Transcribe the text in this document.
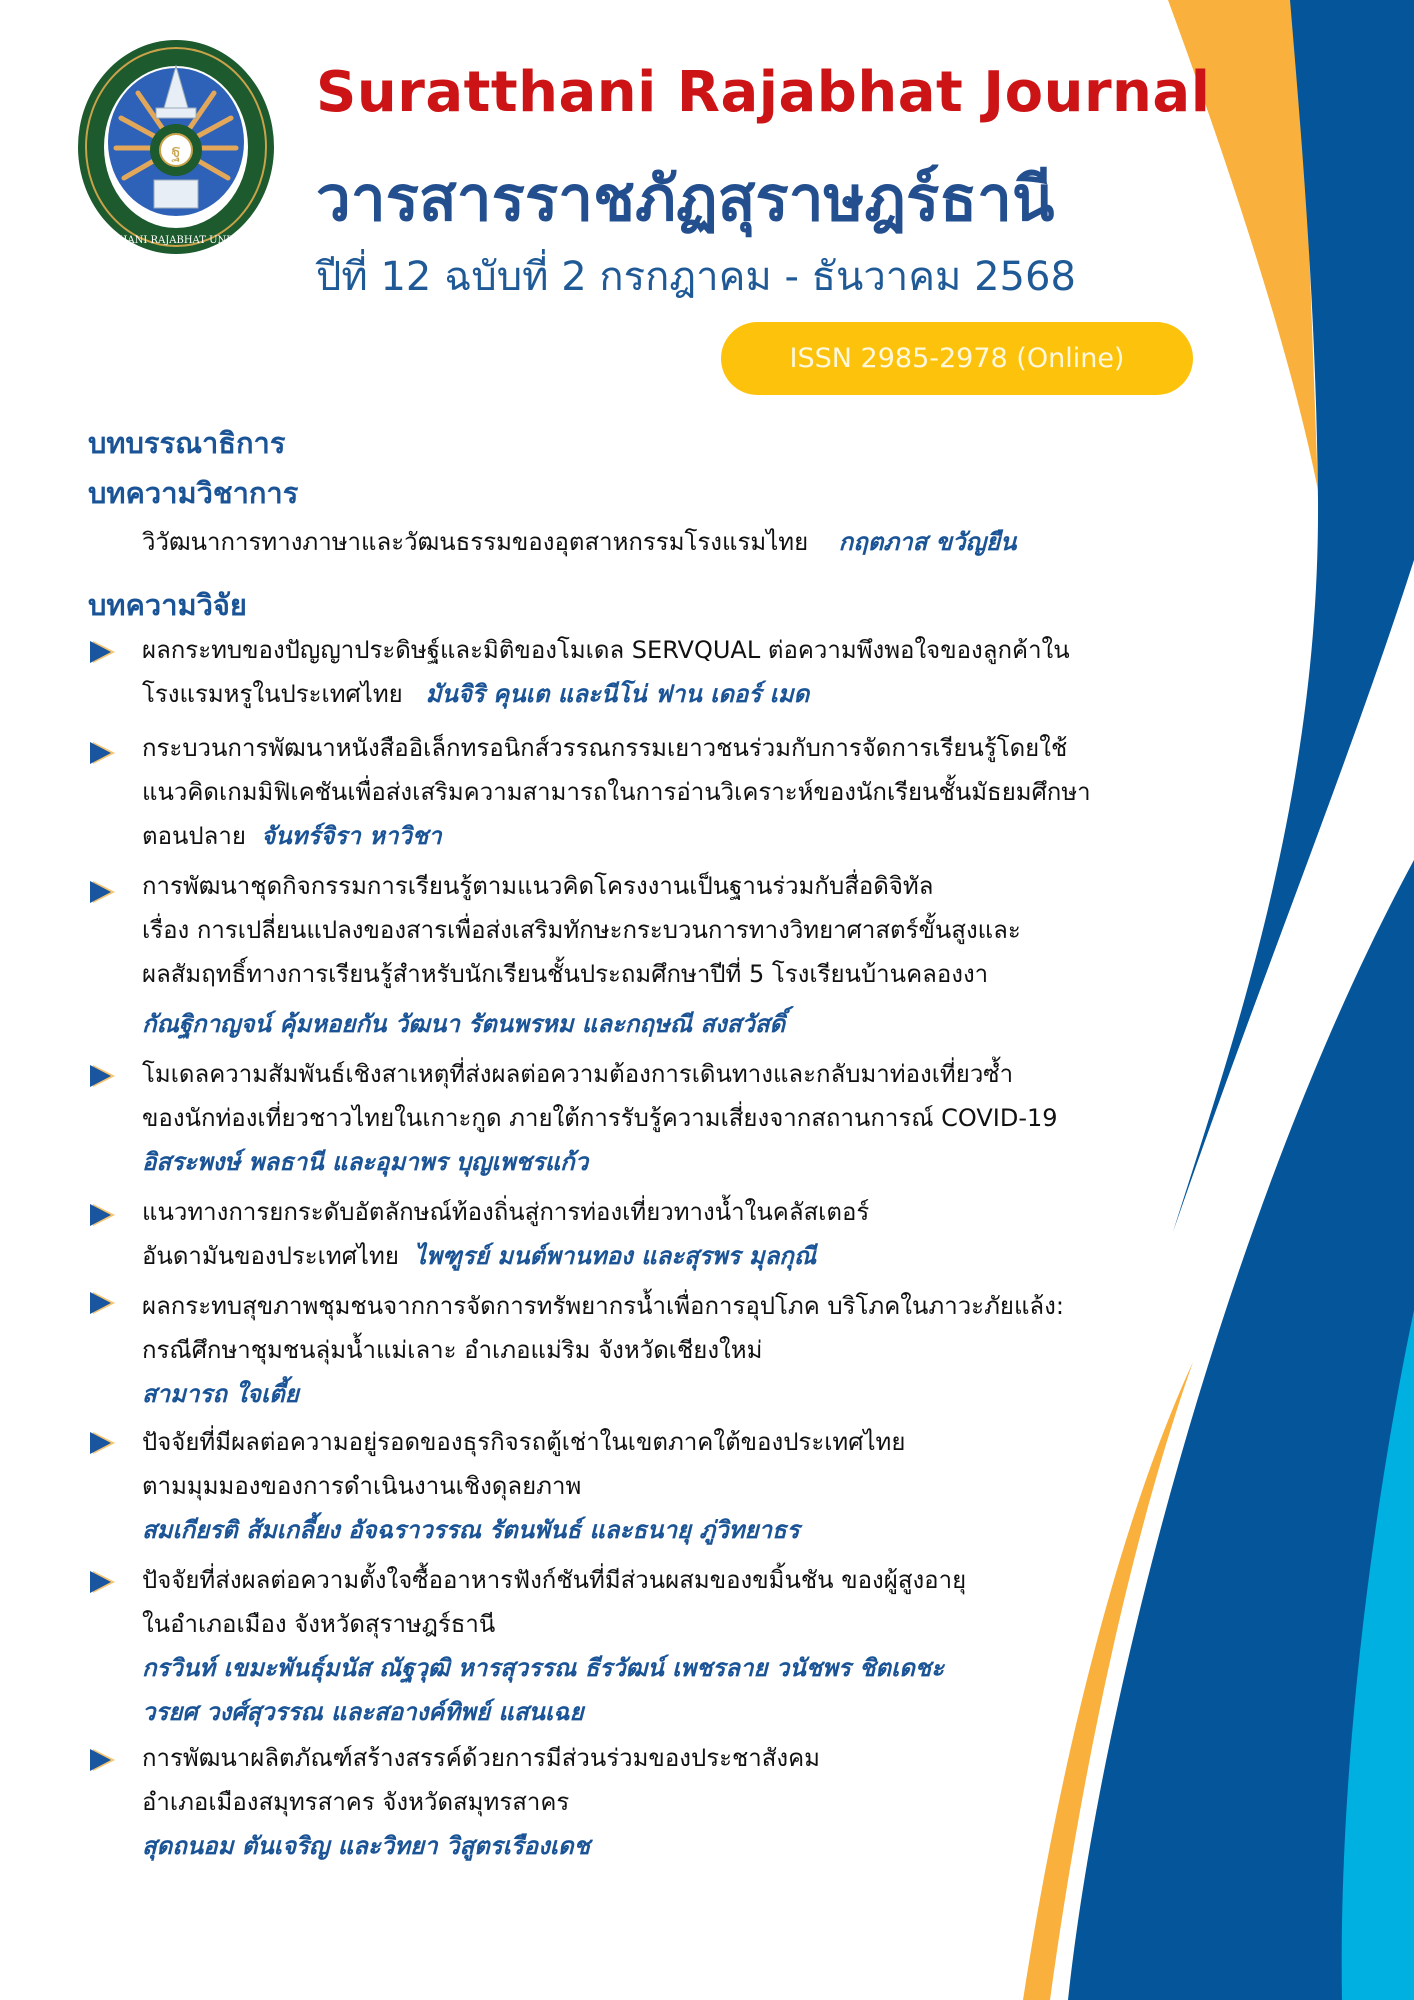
ฐ
SURATTHANI RAJABHAT UNIVERSITY
Suratthani Rajabhat Journal
วารสารราชภัฏสุราษฎร์ธานี
ปีที่ 12 ฉบับที่ 2 กรกฎาคม - ธันวาคม 2568
ISSN 2985-2978 (Online)
บทบรรณาธิการ
บทความวิชาการ
วิวัฒนาการทางภาษาและวัฒนธรรมของอุตสาหกรรมโรงแรมไทย กฤตภาส ขวัญยืน
บทความวิจัย
ผลกระทบของปัญญาประดิษฐ์และมิติของโมเดล SERVQUAL ต่อความพึงพอใจของลูกค้าใน
โรงแรมหรูในประเทศไทย มันจิริ คุนเต และนีโน่ ฟาน เดอร์ เมด
กระบวนการพัฒนาหนังสืออิเล็กทรอนิกส์วรรณกรรมเยาวชนร่วมกับการจัดการเรียนรู้โดยใช้
แนวคิดเกมมิฟิเคชันเพื่อส่งเสริมความสามารถในการอ่านวิเคราะห์ของนักเรียนชั้นมัธยมศึกษา
ตอนปลาย จันทร์จิรา หาวิชา
การพัฒนาชุดกิจกรรมการเรียนรู้ตามแนวคิดโครงงานเป็นฐานร่วมกับสื่อดิจิทัล
เรื่อง การเปลี่ยนแปลงของสารเพื่อส่งเสริมทักษะกระบวนการทางวิทยาศาสตร์ขั้นสูงและ
ผลสัมฤทธิ์ทางการเรียนรู้สำหรับนักเรียนชั้นประถมศึกษาปีที่ 5 โรงเรียนบ้านคลองงา
กัณฐิกาญจน์ คุ้มหอยกัน วัฒนา รัตนพรหม และกฤษณี สงสวัสดิ์
โมเดลความสัมพันธ์เชิงสาเหตุที่ส่งผลต่อความต้องการเดินทางและกลับมาท่องเที่ยวซ้ำ
ของนักท่องเที่ยวชาวไทยในเกาะกูด ภายใต้การรับรู้ความเสี่ยงจากสถานการณ์ COVID-19
อิสระพงษ์ พลธานี และอุมาพร บุญเพชรแก้ว
แนวทางการยกระดับอัตลักษณ์ท้องถิ่นสู่การท่องเที่ยวทางน้ำในคลัสเตอร์
อันดามันของประเทศไทย ไพฑูรย์ มนต์พานทอง และสุรพร มุลกุณี
ผลกระทบสุขภาพชุมชนจากการจัดการทรัพยากรน้ำเพื่อการอุปโภค บริโภคในภาวะภัยแล้ง:
กรณีศึกษาชุมชนลุ่มน้ำแม่เลาะ อำเภอแม่ริม จังหวัดเชียงใหม่
สามารถ ใจเตี้ย
ปัจจัยที่มีผลต่อความอยู่รอดของธุรกิจรถตู้เช่าในเขตภาคใต้ของประเทศไทย
ตามมุมมองของการดำเนินงานเชิงดุลยภาพ
สมเกียรติ ส้มเกลี้ยง อัจฉราวรรณ รัตนพันธ์ และธนายุ ภู่วิทยาธร
ปัจจัยที่ส่งผลต่อความตั้งใจซื้ออาหารฟังก์ชันที่มีส่วนผสมของขมิ้นชัน ของผู้สูงอายุ
ในอำเภอเมือง จังหวัดสุราษฎร์ธานี
กรวินท์ เขมะพันธุ์มนัส ณัฐวุฒิ หารสุวรรณ ธีรวัฒน์ เพชรลาย วนัชพร ชิตเดชะ
วรยศ วงศ์สุวรรณ และสอางค์ทิพย์ แสนเฉย
การพัฒนาผลิตภัณฑ์สร้างสรรค์ด้วยการมีส่วนร่วมของประชาสังคม
อำเภอเมืองสมุทรสาคร จังหวัดสมุทรสาคร
สุดถนอม ตันเจริญ และวิทยา วิสูตรเรืองเดช
